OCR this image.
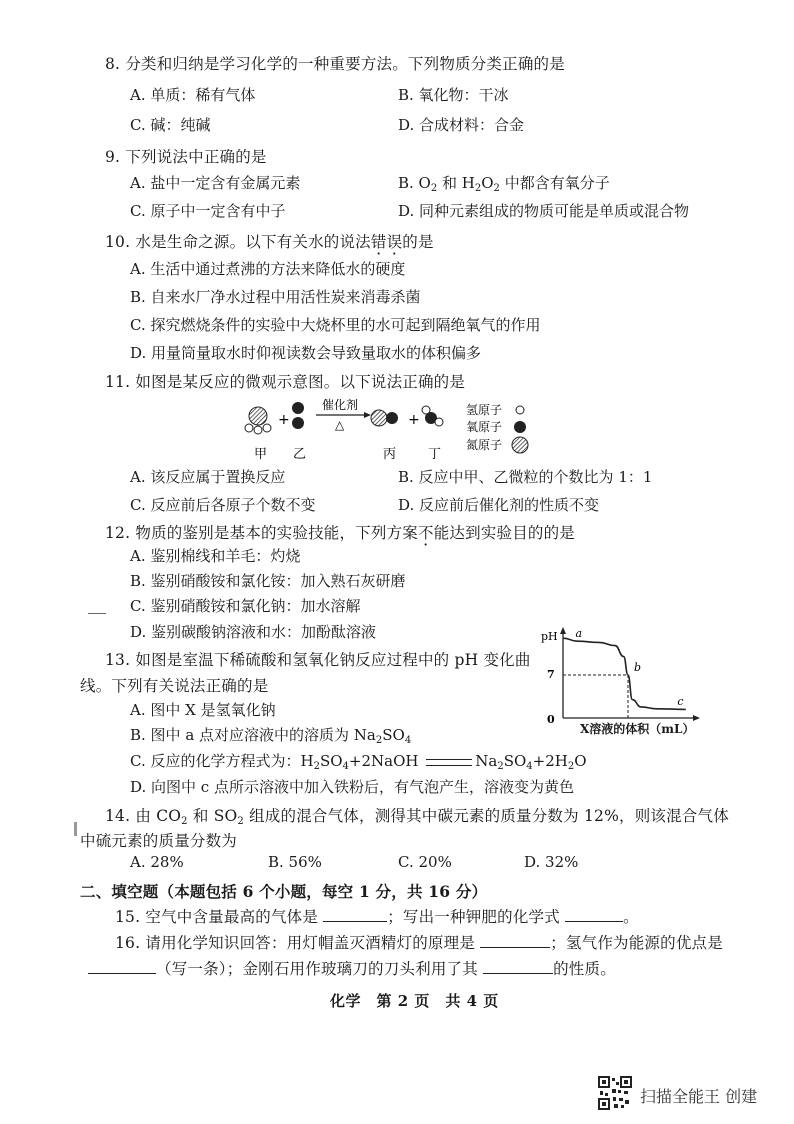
8. 分类和归纳是学习化学的一种重要方法。下列物质分类正确的是
A. 单质：稀有气体	B. 氧化物：干冰
C. 碱：纯碱	D. 合成材料：合金
9. 下列说法中正确的是
A. 盐中一定含有金属元素	B. $O_2$ 和 $H_2O_2$ 中都含有氧分子
C. 原子中一定含有中子	D. 同种元素组成的物质可能是单质或混合物
10. 水是生命之源。以下有关水的说法错误的是
A. 生活中通过煮沸的方法来降低水的硬度
B. 自来水厂净水过程中用活性炭来消毒杀菌
C. 探究燃烧条件的实验中大烧杯里的水可起到隔绝氧气的作用
D. 用量筒量取水时仰视读数会导致量取水的体积偏多
11. 如图是某反应的微观示意图。以下说法正确的是
+
催化剂
△	+
甲 乙	丙 丁
氢原子
氧原子
氮原子
A. 该反应属于置换反应	B. 反应中甲、乙微粒的个数比为 1：1
C. 反应前后各原子个数不变	D. 反应前后催化剂的性质不变
12. 物质的鉴别是基本的实验技能，下列方案不能达到实验目的的是
A. 鉴别棉线和羊毛：灼烧
B. 鉴别硝酸铵和氯化铵：加入熟石灰研磨
C. 鉴别硝酸铵和氯化钠：加水溶解
D. 鉴别碳酸钠溶液和水：加酚酞溶液
13. 如图是室温下稀硫酸和氢氧化钠反应过程中的 pH 变化曲
线。下列有关说法正确的是
A. 图中 X 是氢氧化钠
B. 图中 a 点对应溶液中的溶质为 $Na_2SO_4$
C. 反应的化学方程式为：$H_2SO_4+2NaOH$	$Na_2SO_4+2H_2O$
D. 向图中 c 点所示溶液中加入铁粉后，有气泡产生，溶液变为黄色
pH
0
7
a
b
c
X溶液的体积（mL）
14. 由 $CO_2$ 和 $SO_2$ 组成的混合气体，测得其中碳元素的质量分数为 12%，则该混合气体
中硫元素的质量分数为
A. 28%	B. 56%	C. 20%	D. 32%
二、填空题（本题包括 6 个小题，每空 1 分，共 16 分）
15. 空气中含量最高的气体是	；写出一种钾肥的化学式	。
16. 请用化学知识回答：用灯帽盖灭酒精灯的原理是	；氢气作为能源的优点是
（写一条）；金刚石用作玻璃刀的刀头利用了其	的性质。
化学　第 2 页　共 4 页
扫描全能王 创建
